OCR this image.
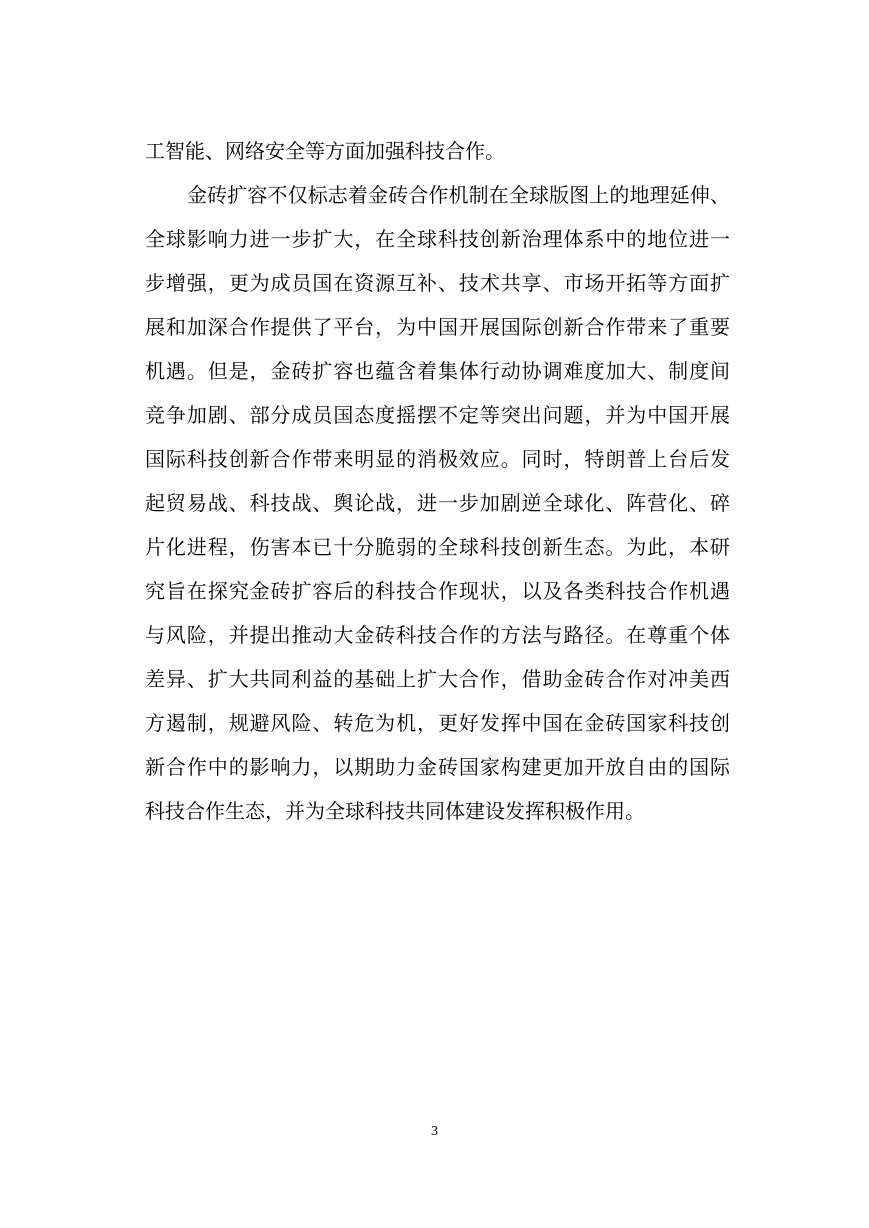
工智能、网络安全等方面加强科技合作。
金砖扩容不仅标志着金砖合作机制在全球版图上的地理延伸、
全球影响力进一步扩大，在全球科技创新治理体系中的地位进一
步增强，更为成员国在资源互补、技术共享、市场开拓等方面扩
展和加深合作提供了平台，为中国开展国际创新合作带来了重要
机遇。但是，金砖扩容也蕴含着集体行动协调难度加大、制度间
竞争加剧、部分成员国态度摇摆不定等突出问题，并为中国开展
国际科技创新合作带来明显的消极效应。同时，特朗普上台后发
起贸易战、科技战、舆论战，进一步加剧逆全球化、阵营化、碎
片化进程，伤害本已十分脆弱的全球科技创新生态。为此，本研
究旨在探究金砖扩容后的科技合作现状，以及各类科技合作机遇
与风险，并提出推动大金砖科技合作的方法与路径。在尊重个体
差异、扩大共同利益的基础上扩大合作，借助金砖合作对冲美西
方遏制，规避风险、转危为机，更好发挥中国在金砖国家科技创
新合作中的影响力，以期助力金砖国家构建更加开放自由的国际
科技合作生态，并为全球科技共同体建设发挥积极作用。
3
